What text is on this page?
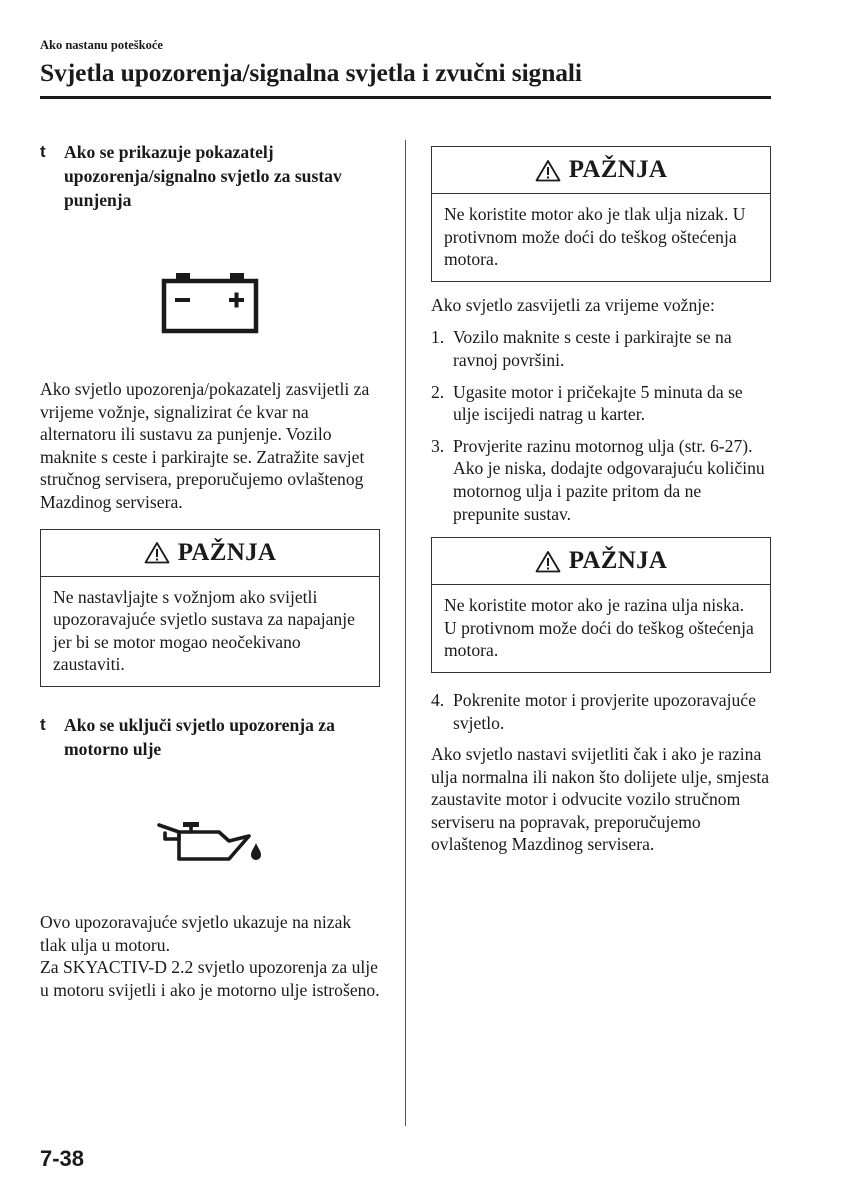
Ako nastanu poteškoće
Svjetla upozorenja/signalna svjetla i zvučni signali
t Ako se prikazuje pokazatelj upozorenja/signalno svjetlo za sustav punjenja

Ako svjetlo upozorenja/pokazatelj zasvijetli za vrijeme vožnje, signalizirat će kvar na alternatoru ili sustavu za punjenje. Vozilo maknite s ceste i parkirajte se. Zatražite savjet stručnog servisera, preporučujemo ovlaštenog Mazdinog servisera.

PAŽNJA
Ne nastavljajte s vožnjom ako svijetli upozoravajuće svjetlo sustava za napajanje jer bi se motor mogao neočekivano zaustaviti.
t Ako se uključi svjetlo upozorenja za motorno ulje

Ovo upozoravajuće svjetlo ukazuje na nizak tlak ulja u motoru.

Za SKYACTIV-D 2.2 svjetlo upozorenja za ulje u motoru svijetli i ako je motorno ulje istrošeno.

PAŽNJA
Ne koristite motor ako je tlak ulja nizak. U protivnom može doći do teškog oštećenja motora.

Ako svjetlo zasvijetli za vrijeme vožnje:

1. Vozilo maknite s ceste i parkirajte se na ravnoj površini.
2. Ugasite motor i pričekajte 5 minuta da se ulje iscijedi natrag u karter.
3. Provjerite razinu motornog ulja (str. 6-27). Ako je niska, dodajte odgovarajuću količinu motornog ulja i pazite pritom da ne prepunite sustav.
PAŽNJA
Ne koristite motor ako je razina ulja niska. U protivnom može doći do teškog oštećenja motora.
4. Pokrenite motor i provjerite upozoravajuće svjetlo.

Ako svjetlo nastavi svijetliti čak i ako je razina ulja normalna ili nakon što dolijete ulje, smjesta zaustavite motor i odvucite vozilo stručnom serviseru na popravak, preporučujemo ovlaštenog Mazdinog servisera.

7-38
